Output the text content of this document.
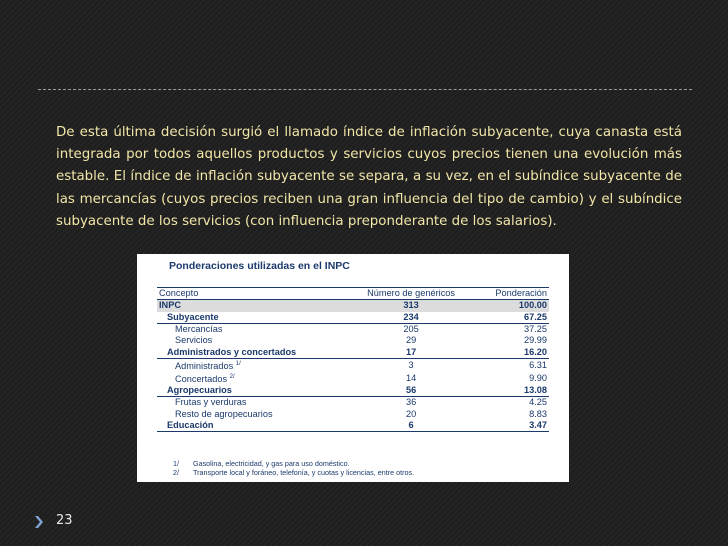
De esta última decisión surgió el llamado índice de inflación subyacente, cuya canasta está integrada por todos aquellos productos y servicios cuyos precios tienen una evolución más estable. El índice de inflación subyacente se separa, a su vez, en el subíndice subyacente de las mercancías (cuyos precios reciben una gran influencia del tipo de cambio) y el subíndice subyacente de los servicios (con influencia preponderante de los salarios).

Ponderaciones utilizadas en el INPC
Concepto	Número de genéricos	Ponderación
INPC	313	100.00
Subyacente	234	67.25
Mercancías	205	37.25
Servicios	29	29.99
Administrados y concertados	17	16.20
Administrados $^{1/}$	3	6.31
Concertados $^{2/}$	14	9.90
Agropecuarios	56	13.08
Frutas y verduras	36	4.25
Resto de agropecuarios	20	8.83
Educación	6	3.47
1/ Gasolina, electricidad, y gas para uso doméstico.
2/ Transporte local y foráneo, telefonía, y cuotas y licencias, entre otros.
23
